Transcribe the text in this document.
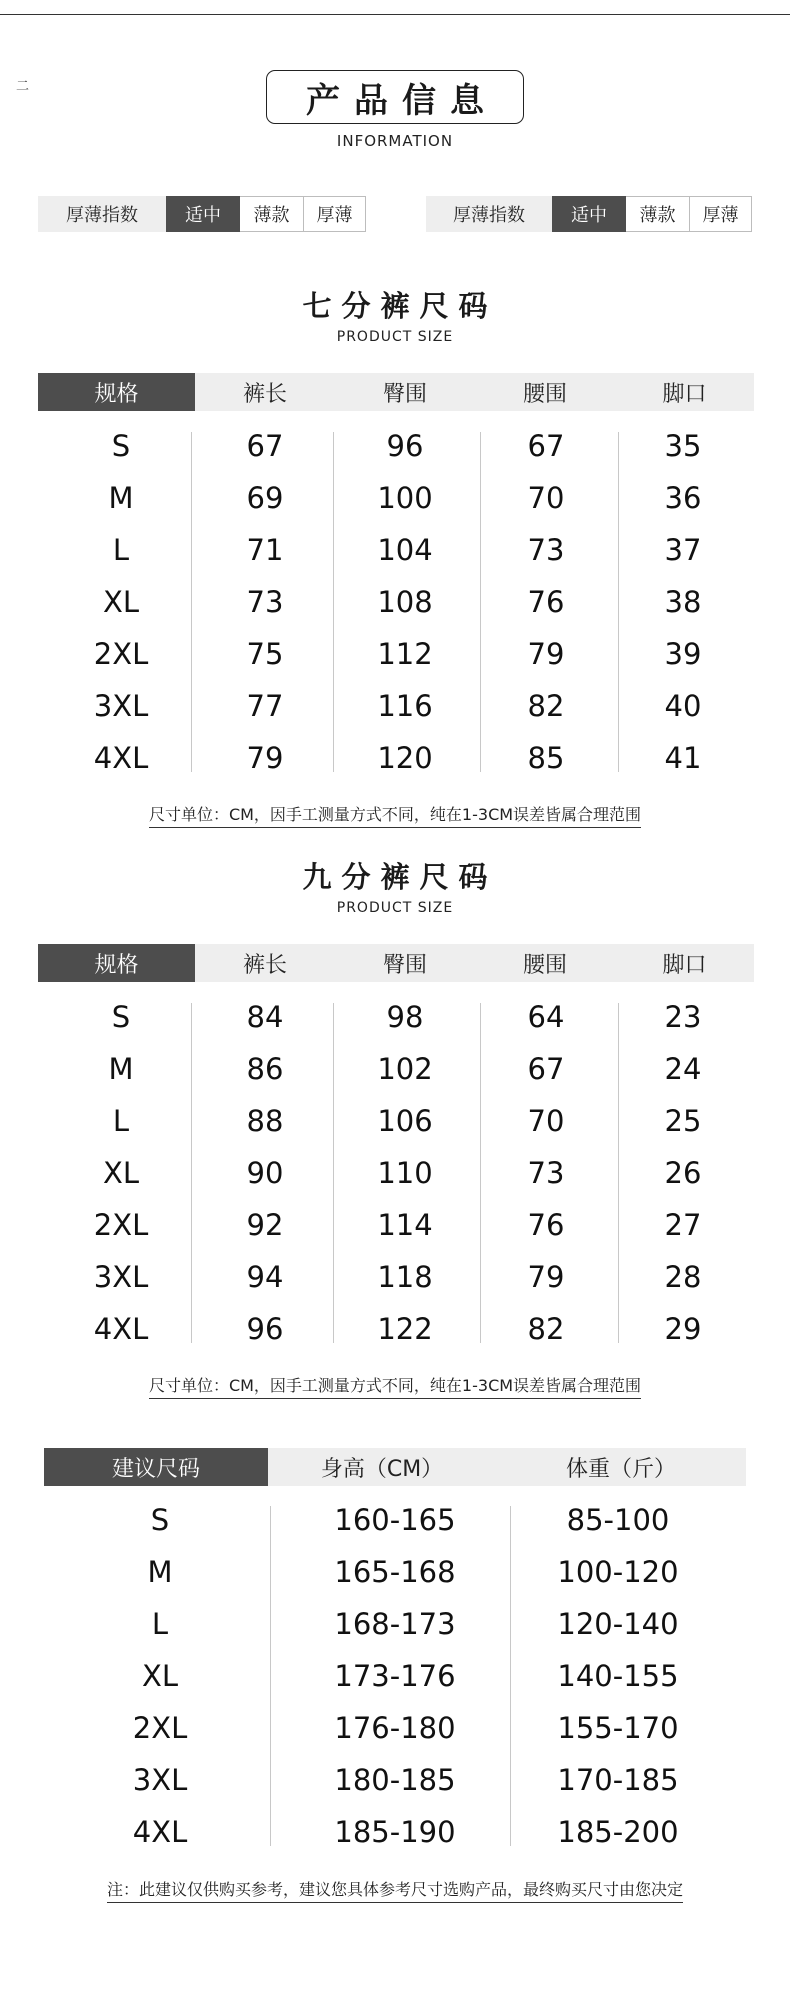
二	产品信息
INFORMATION
厚薄指数	适中	薄款	厚薄	厚薄指数	适中	薄款	厚薄
七分裤尺码
PRODUCT SIZE
规格	裤长	臀围	腰围	脚口
S	67	96	67	35
M	69	100	70	36
L	71	104	73	37
XL	73	108	76	38
2XL	75	112	79	39
3XL	77	116	82	40
4XL	79	120	85	41
尺寸单位：CM，因手工测量方式不同，纯在1-3CM误差皆属合理范围
九分裤尺码
PRODUCT SIZE
规格	裤长	臀围	腰围	脚口
S	84	98	64	23
M	86	102	67	24
L	88	106	70	25
XL	90	110	73	26
2XL	92	114	76	27
3XL	94	118	79	28
4XL	96	122	82	29
尺寸单位：CM，因手工测量方式不同，纯在1-3CM误差皆属合理范围
建议尺码	身高（CM）	体重（斤）
S	160-165	85-100
M	165-168	100-120
L	168-173	120-140
XL	173-176	140-155
2XL	176-180	155-170
3XL	180-185	170-185
4XL	185-190	185-200
注：此建议仅供购买参考，建议您具体参考尺寸选购产品，最终购买尺寸由您决定
